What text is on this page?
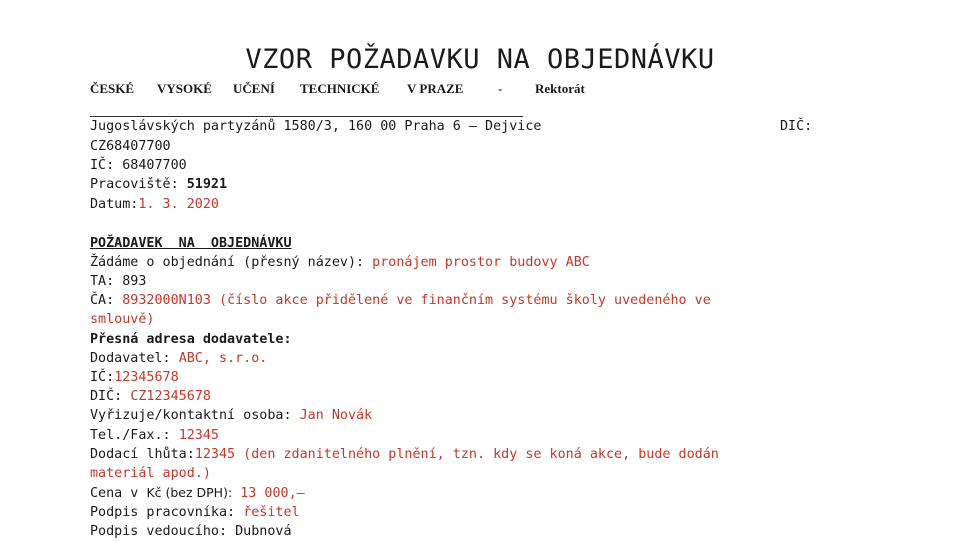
VZOR POŽADAVKU NA OBJEDNÁVKU
ČESKÉ VYSOKÉ UČENÍ TECHNICKÉ V PRAZE	-	Rektorát
Jugoslávských partyzánů 1580/3, 160 00 Praha 6 – Dejvice	DIČ:
CZ68407700
IČ: 68407700
Pracoviště: 51921
Datum:1. 3. 2020
POŽADAVEK  NA  OBJEDNÁVKU
Žádáme o objednání (přesný název): pronájem prostor budovy ABC
TA: 893
ČA: 8932000N103 (číslo akce přidělené ve finančním systému školy uvedeného ve
smlouvě)
Přesná adresa dodavatele:
Dodavatel: ABC, s.r.o.
IČ:12345678
DIČ: CZ12345678
Vyřizuje/kontaktní osoba: Jan Novák
Tel./Fax.: 12345
Dodací lhůta:12345 (den zdanitelného plnění, tzn. kdy se koná akce, bude dodán
materiál apod.)
Cena v Kč (bez DPH): 13 000,–
Podpis pracovníka: řešitel
Podpis vedoucího: Dubnová
